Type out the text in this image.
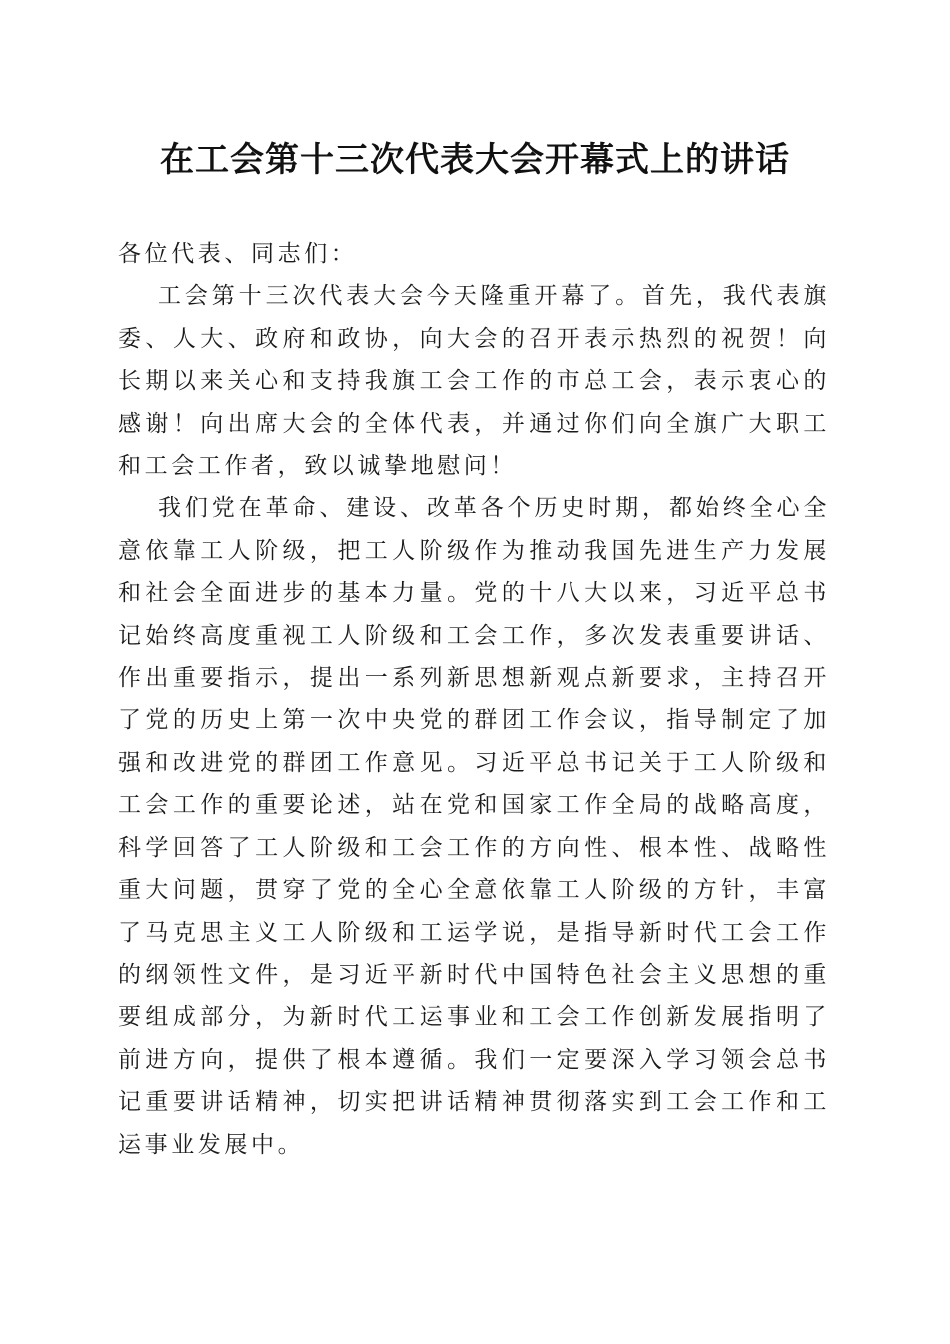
在工会第十三次代表大会开幕式上的讲话

各位代表、同志们：

工会第十三次代表大会今天隆重开幕了。首先，我代表旗委、人大、政府和政协，向大会的召开表示热烈的祝贺！向长期以来关心和支持我旗工会工作的市总工会，表示衷心的感谢！向出席大会的全体代表，并通过你们向全旗广大职工和工会工作者，致以诚挚地慰问！

我们党在革命、建设、改革各个历史时期，都始终全心全意依靠工人阶级，把工人阶级作为推动我国先进生产力发展和社会全面进步的基本力量。党的十八大以来，习近平总书记始终高度重视工人阶级和工会工作，多次发表重要讲话、作出重要指示，提出一系列新思想新观点新要求，主持召开了党的历史上第一次中央党的群团工作会议，指导制定了加强和改进党的群团工作意见。习近平总书记关于工人阶级和工会工作的重要论述，站在党和国家工作全局的战略高度，科学回答了工人阶级和工会工作的方向性、根本性、战略性重大问题，贯穿了党的全心全意依靠工人阶级的方针，丰富了马克思主义工人阶级和工运学说，是指导新时代工会工作的纲领性文件，是习近平新时代中国特色社会主义思想的重要组成部分，为新时代工运事业和工会工作创新发展指明了前进方向，提供了根本遵循。我们一定要深入学习领会总书记重要讲话精神，切实把讲话精神贯彻落实到工会工作和工运事业发展中。
